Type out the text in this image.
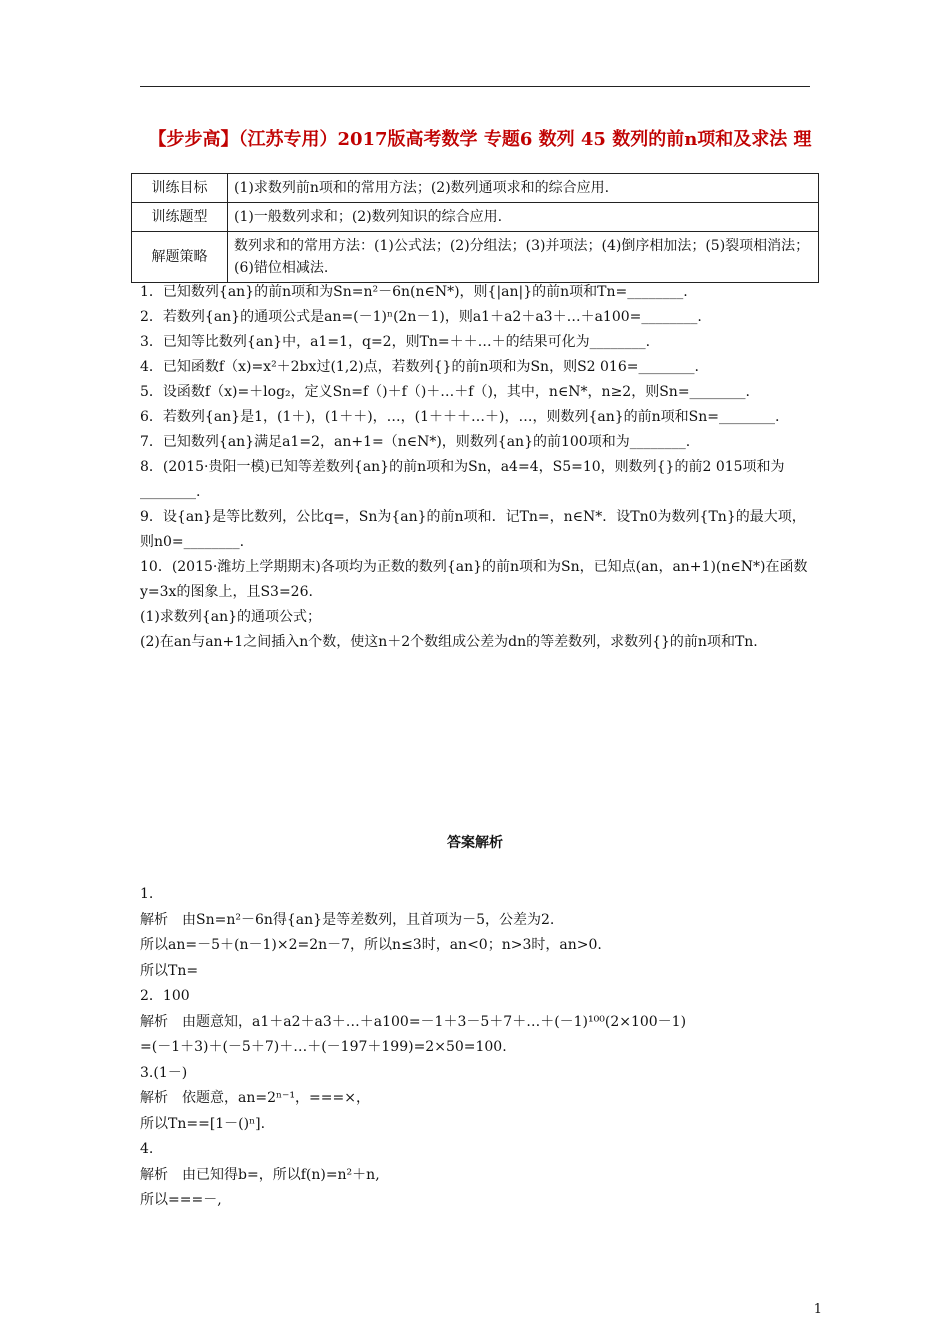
【步步高】（江苏专用）2017版高考数学 专题6 数列 45 数列的前n项和及求法 理
训练目标	(1)求数列前n项和的常用方法；(2)数列通项求和的综合应用.
训练题型	(1)一般数列求和；(2)数列知识的综合应用.
解题策略	数列求和的常用方法：(1)公式法；(2)分组法；(3)并项法；(4)倒序相加法；(5)裂项相消法；(6)错位相减法.
1．已知数列{an}的前n项和为Sn=n²－6n(n∈N*)，则{|an|}的前n项和Tn=________.
2．若数列{an}的通项公式是an=(－1)ⁿ(2n－1)，则a1＋a2＋a3＋…＋a100=________.
3．已知等比数列{an}中，a1=1，q=2，则Tn=＋＋…＋的结果可化为________.
4．已知函数f（x)=x²＋2bx过(1,2)点，若数列{}的前n项和为Sn，则S2 016=________.
5．设函数f（x)=＋log₂，定义Sn=f（)＋f（)＋…＋f（)，其中，n∈N*，n≥2，则Sn=________.
6．若数列{an}是1，(1＋)，(1＋＋)，…，(1＋＋＋…＋)，…，则数列{an}的前n项和Sn=________.
7．已知数列{an}满足a1=2，an+1=（n∈N*)，则数列{an}的前100项和为________.
8．(2015·贵阳一模)已知等差数列{an}的前n项和为Sn，a4=4，S5=10，则数列{}的前2 015项和为________.
9．设{an}是等比数列，公比q=，Sn为{an}的前n项和．记Tn=，n∈N*．设Tn0为数列{Tn}的最大项，则n0=________.
10．(2015·潍坊上学期期末)各项均为正数的数列{an}的前n项和为Sn，已知点(an，an+1)(n∈N*)在函数y=3x的图象上，且S3=26.
(1)求数列{an}的通项公式；
(2)在an与an+1之间插入n个数，使这n＋2个数组成公差为dn的等差数列，求数列{}的前n项和Tn.
答案解析
1.
解析　由Sn=n²－6n得{an}是等差数列，且首项为－5，公差为2.
所以an=－5＋(n－1)×2=2n－7，所以n≤3时，an<0；n>3时，an>0.
所以Tn=
2．100
解析　由题意知，a1＋a2＋a3＋…＋a100=－1＋3－5＋7＋…＋(－1)¹⁰⁰(2×100－1)
=(－1＋3)＋(－5＋7)＋…＋(－197＋199)=2×50=100.
3.(1－)
解析　依题意，an=2ⁿ⁻¹，===×，
所以Tn==[1－()ⁿ].
4.
解析　由已知得b=，所以f(n)=n²＋n,
所以===－,
1
